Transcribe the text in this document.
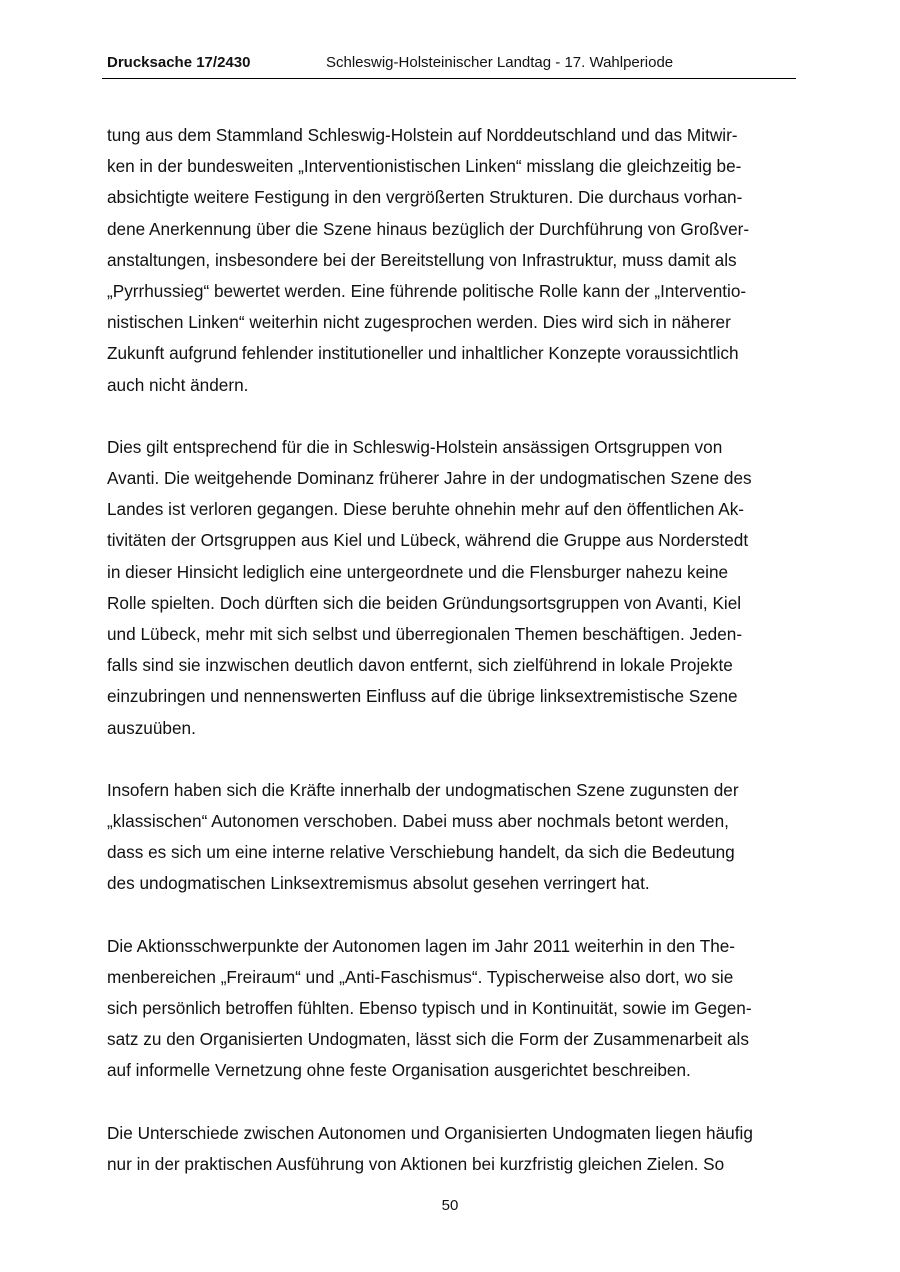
Drucksache 17/2430	Schleswig-Holsteinischer Landtag - 17. Wahlperiode

tung aus dem Stammland Schleswig-Holstein auf Norddeutschland und das Mitwir-
ken in der bundesweiten „Interventionistischen Linken“ misslang die gleichzeitig be-
absichtigte weitere Festigung in den vergrößerten Strukturen. Die durchaus vorhan-
dene Anerkennung über die Szene hinaus bezüglich der Durchführung von Großver-
anstaltungen, insbesondere bei der Bereitstellung von Infrastruktur, muss damit als
„Pyrrhussieg“ bewertet werden. Eine führende politische Rolle kann der „Interventio-
nistischen Linken“ weiterhin nicht zugesprochen werden. Dies wird sich in näherer
Zukunft aufgrund fehlender institutioneller und inhaltlicher Konzepte voraussichtlich
auch nicht ändern.

Dies gilt entsprechend für die in Schleswig-Holstein ansässigen Ortsgruppen von
Avanti. Die weitgehende Dominanz früherer Jahre in der undogmatischen Szene des
Landes ist verloren gegangen. Diese beruhte ohnehin mehr auf den öffentlichen Ak-
tivitäten der Ortsgruppen aus Kiel und Lübeck, während die Gruppe aus Norderstedt
in dieser Hinsicht lediglich eine untergeordnete und die Flensburger nahezu keine
Rolle spielten. Doch dürften sich die beiden Gründungsortsgruppen von Avanti, Kiel
und Lübeck, mehr mit sich selbst und überregionalen Themen beschäftigen. Jeden-
falls sind sie inzwischen deutlich davon entfernt, sich zielführend in lokale Projekte
einzubringen und nennenswerten Einfluss auf die übrige linksextremistische Szene
auszuüben.

Insofern haben sich die Kräfte innerhalb der undogmatischen Szene zugunsten der
„klassischen“ Autonomen verschoben. Dabei muss aber nochmals betont werden,
dass es sich um eine interne relative Verschiebung handelt, da sich die Bedeutung
des undogmatischen Linksextremismus absolut gesehen verringert hat.

Die Aktionsschwerpunkte der Autonomen lagen im Jahr 2011 weiterhin in den The-
menbereichen „Freiraum“ und „Anti-Faschismus“. Typischerweise also dort, wo sie
sich persönlich betroffen fühlten. Ebenso typisch und in Kontinuität, sowie im Gegen-
satz zu den Organisierten Undogmaten, lässt sich die Form der Zusammenarbeit als
auf informelle Vernetzung ohne feste Organisation ausgerichtet beschreiben.

Die Unterschiede zwischen Autonomen und Organisierten Undogmaten liegen häufig
nur in der praktischen Ausführung von Aktionen bei kurzfristig gleichen Zielen. So

50
